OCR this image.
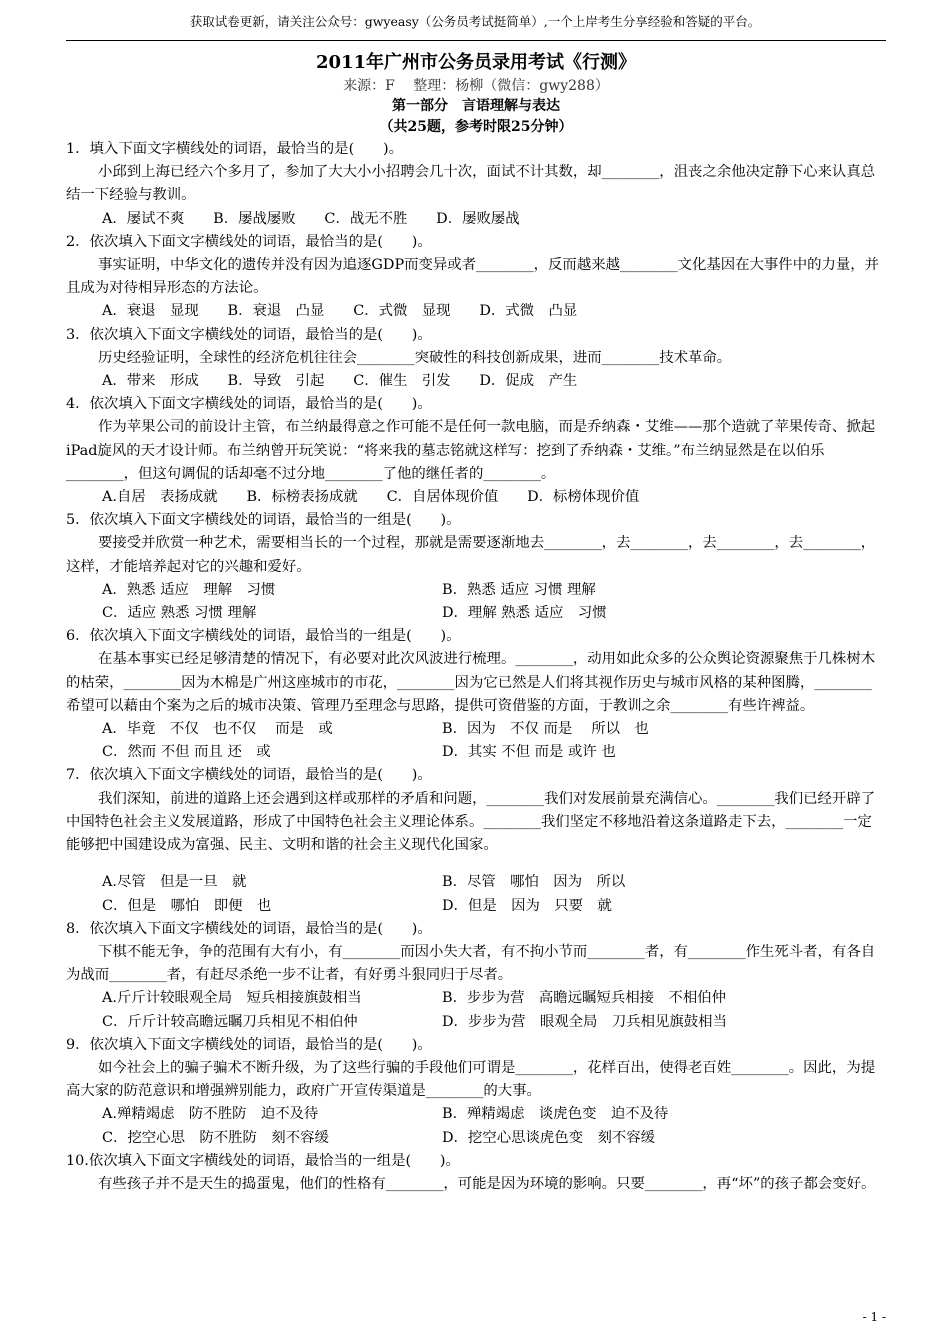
获取试卷更新，请关注公众号：gwyeasy（公务员考试挺简单）,一个上岸考生分享经验和答疑的平台。
2011年广州市公务员录用考试《行测》
来源：F　 整理：杨柳（微信：gwy288）
第一部分　言语理解与表达
（共25题，参考时限25分钟）
1．填入下面文字横线处的词语，最恰当的是(　　)。
小邱到上海已经六个多月了，参加了大大小小招聘会几十次，面试不计其数，却________，沮丧之余他决定静下心来认真总结一下经验与教训。
A．屡试不爽　　B．屡战屡败　　C．战无不胜　　D．屡败屡战
2．依次填入下面文字横线处的词语，最恰当的是(　　)。
事实证明，中华文化的遗传并没有因为追逐GDP而变异或者________，反而越来越________文化基因在大事件中的力量，并且成为对待相异形态的方法论。
A．衰退　显现　　B．衰退　凸显　　C．式微　显现　　D．式微　凸显
3．依次填入下面文字横线处的词语，最恰当的是(　　)。
历史经验证明，全球性的经济危机往往会________突破性的科技创新成果，进而________技术革命。
A．带来　形成　　B．导致　引起　　C．催生　引发　　D．促成　产生
4．依次填入下面文字横线处的词语，最恰当的是(　　)。
作为苹果公司的前设计主管，布兰纳最得意之作可能不是任何一款电脑，而是乔纳森・艾维——那个造就了苹果传奇、掀起iPad旋风的天才设计师。布兰纳曾开玩笑说：“将来我的墓志铭就这样写：挖到了乔纳森・艾维。”布兰纳显然是在以伯乐________，但这句调侃的话却毫不过分地________了他的继任者的________。
A.自居　表扬成就　　B．标榜表扬成就　　C．自居体现价值　　D．标榜体现价值
5．依次填入下面文字横线处的词语，最恰当的一组是(　　)。
要接受并欣赏一种艺术，需要相当长的一个过程，那就是需要逐渐地去________，去________，去________，去________，这样，才能培养起对它的兴趣和爱好。
A．熟悉 适应　理解　习惯	B．熟悉 适应 习惯 理解
C．适应 熟悉 习惯 理解	D．理解 熟悉 适应　习惯
6．依次填入下面文字横线处的词语，最恰当的一组是(　　)。
在基本事实已经足够清楚的情况下，有必要对此次风波进行梳理。________，动用如此众多的公众舆论资源聚焦于几株树木的枯荣，________因为木棉是广州这座城市的市花，________因为它已然是人们将其视作历史与城市风格的某种图腾，________希望可以藉由个案为之后的城市决策、管理乃至理念与思路，提供可资借鉴的方面，于教训之余________有些许裨益。
A．毕竟　不仅　也不仅　 而是　或	B．因为　不仅 而是　 所以　也
C．然而 不但 而且 还　或	D．其实 不但 而是 或许 也
7．依次填入下面文字横线处的词语，最恰当的是(　　)。
我们深知，前进的道路上还会遇到这样或那样的矛盾和问题，________我们对发展前景充满信心。________我们已经开辟了中国特色社会主义发展道路，形成了中国特色社会主义理论体系。________我们坚定不移地沿着这条道路走下去，________一定能够把中国建设成为富强、民主、文明和谐的社会主义现代化国家。
A.尽管　但是一旦　就	B．尽管　哪怕　因为　所以
C．但是　哪怕　即便　也	D．但是　因为　只要　就
8．依次填入下面文字横线处的词语，最恰当的是(　　)。
下棋不能无争，争的范围有大有小，有________而因小失大者，有不拘小节而________者，有________作生死斗者，有各自为战而________者，有赶尽杀绝一步不让者，有好勇斗狠同归于尽者。
A.斤斤计较眼观全局　短兵相接旗鼓相当	B．步步为营　高瞻远瞩短兵相接　不相伯仲
C．斤斤计较高瞻远瞩刀兵相见不相伯仲	D．步步为营　眼观全局　刀兵相见旗鼓相当
9．依次填入下面文字横线处的词语，最恰当的是(　　)。
如今社会上的骗子骗术不断升级，为了这些行骗的手段他们可谓是________，花样百出，使得老百姓________。因此，为提高大家的防范意识和增强辨别能力，政府广开宣传渠道是________的大事。
A.殚精竭虑　防不胜防　迫不及待	B．殚精竭虑　谈虎色变　迫不及待
C．挖空心思　防不胜防　刻不容缓	D．挖空心思谈虎色变　刻不容缓
10.依次填入下面文字横线处的词语，最恰当的一组是(　　)。
有些孩子并不是天生的捣蛋鬼，他们的性格有________，可能是因为环境的影响。只要________，再“坏”的孩子都会变好。
- 1 -
